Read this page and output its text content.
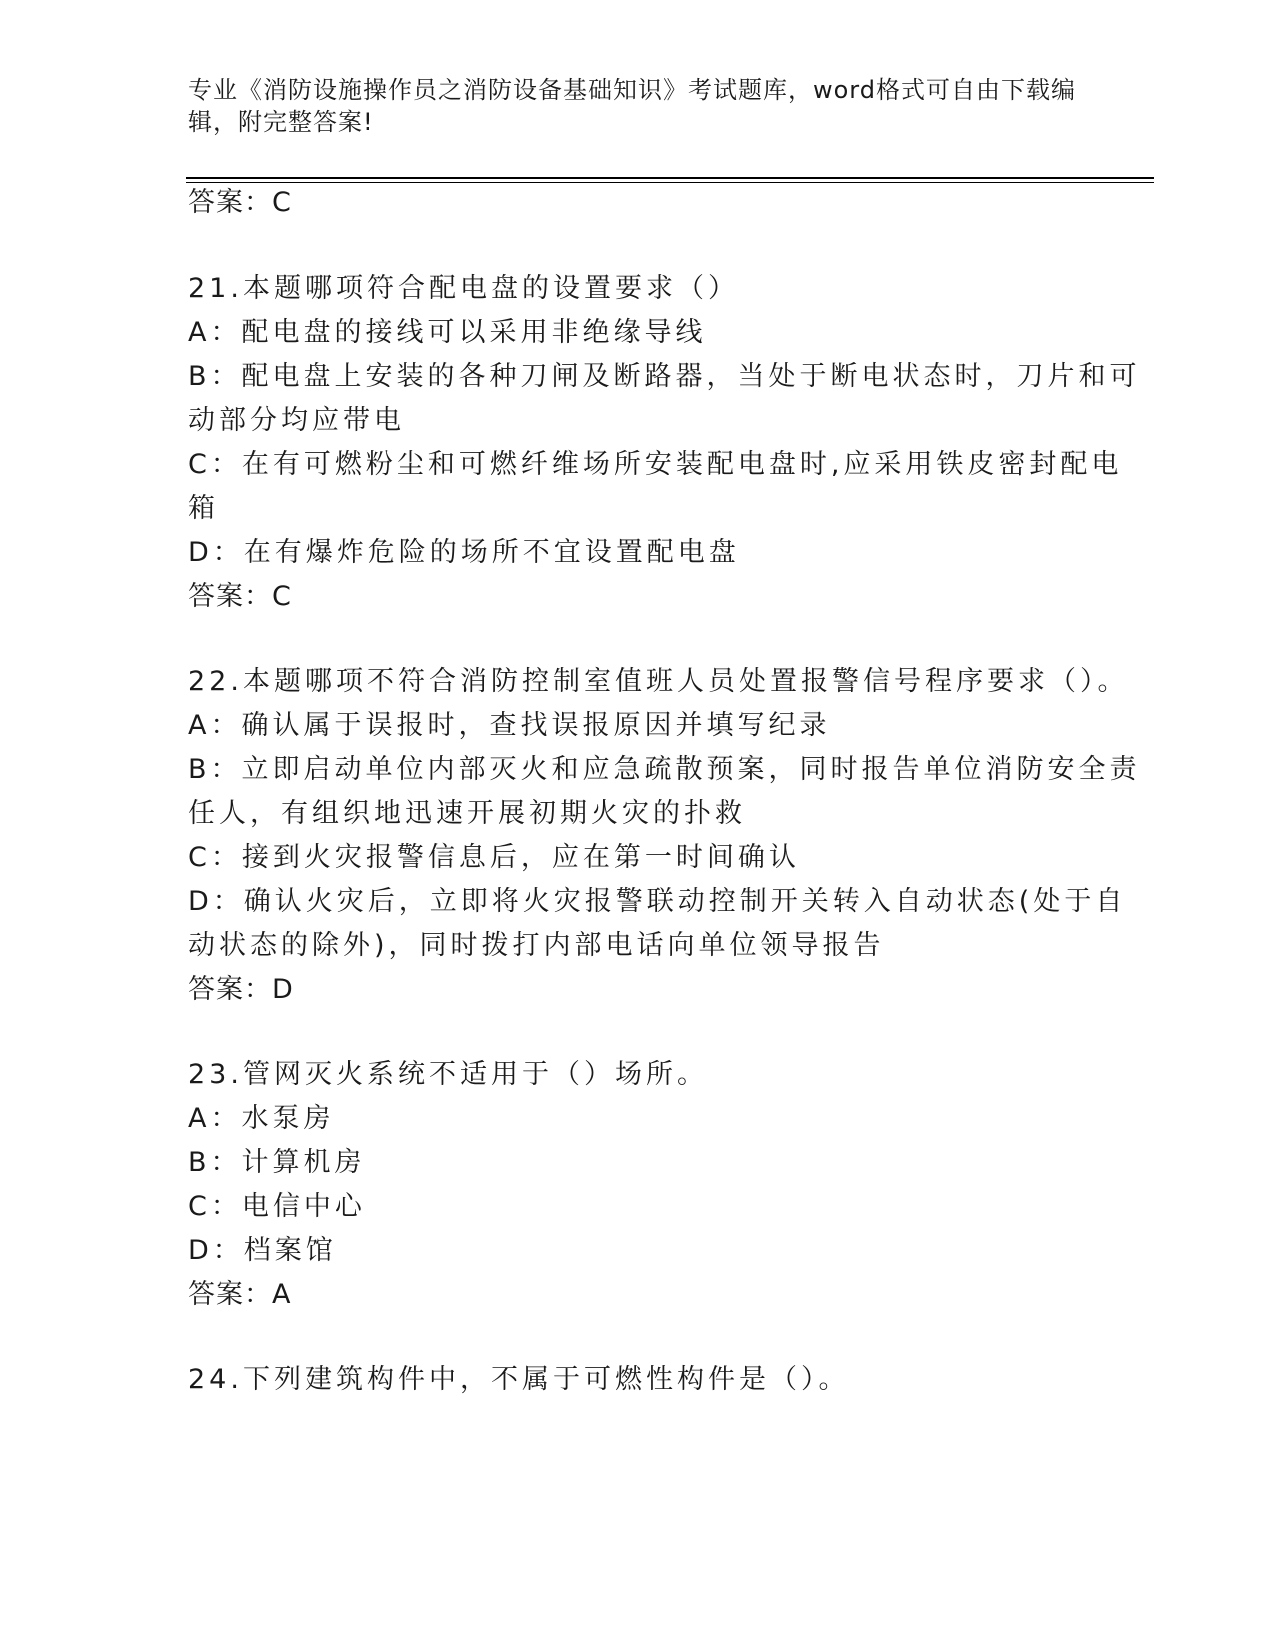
专业《消防设施操作员之消防设备基础知识》考试题库，word格式可自由下载编
辑，附完整答案!
答案：C
21.本题哪项符合配电盘的设置要求（）
A：配电盘的接线可以采用非绝缘导线
B：配电盘上安装的各种刀闸及断路器，当处于断电状态时，刀片和可
动部分均应带电
C：在有可燃粉尘和可燃纤维场所安装配电盘时,应采用铁皮密封配电
箱
D：在有爆炸危险的场所不宜设置配电盘
答案：C
22.本题哪项不符合消防控制室值班人员处置报警信号程序要求（）。
A：确认属于误报时，查找误报原因并填写纪录
B：立即启动单位内部灭火和应急疏散预案，同时报告单位消防安全责
任人，有组织地迅速开展初期火灾的扑救
C：接到火灾报警信息后，应在第一时间确认
D：确认火灾后，立即将火灾报警联动控制开关转入自动状态(处于自
动状态的除外)，同时拨打内部电话向单位领导报告
答案：D
23.管网灭火系统不适用于（）场所。
A：水泵房
B：计算机房
C：电信中心
D：档案馆
答案：A
24.下列建筑构件中，不属于可燃性构件是（）。
